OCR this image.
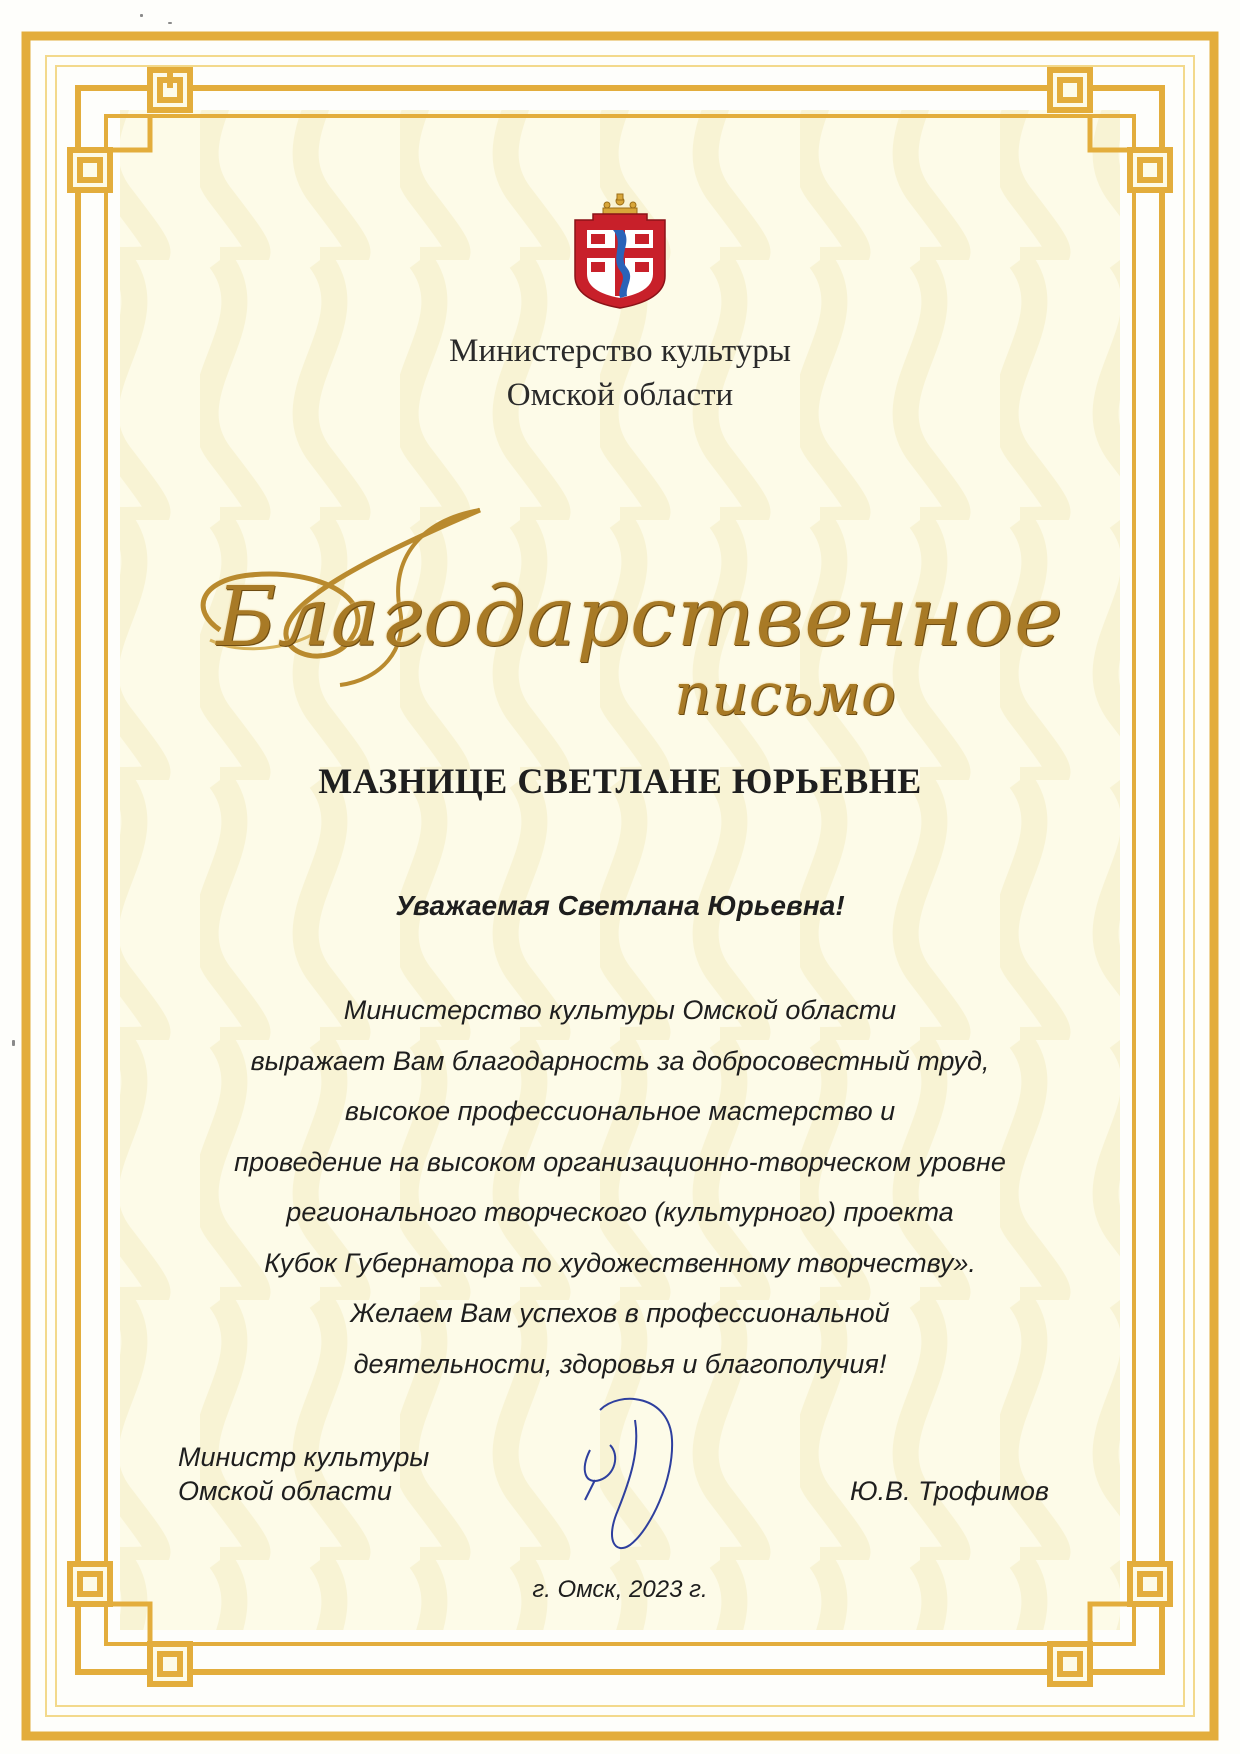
Министерство культуры
Омской области
Благодарственное
письмо
МАЗНИЦЕ СВЕТЛАНЕ ЮРЬЕВНЕ
Уважаемая Светлана Юрьевна!
Министерство культуры Омской области
выражает Вам благодарность за добросовестный труд,
высокое профессиональное мастерство и
проведение на высоком организационно-творческом уровне
регионального творческого (культурного) проекта
Кубок Губернатора по художественному творчеству».
Желаем Вам успехов в профессиональной
деятельности, здоровья и благополучия!
Министр культуры
Омской области	Ю.В. Трофимов
г. Омск, 2023 г.
